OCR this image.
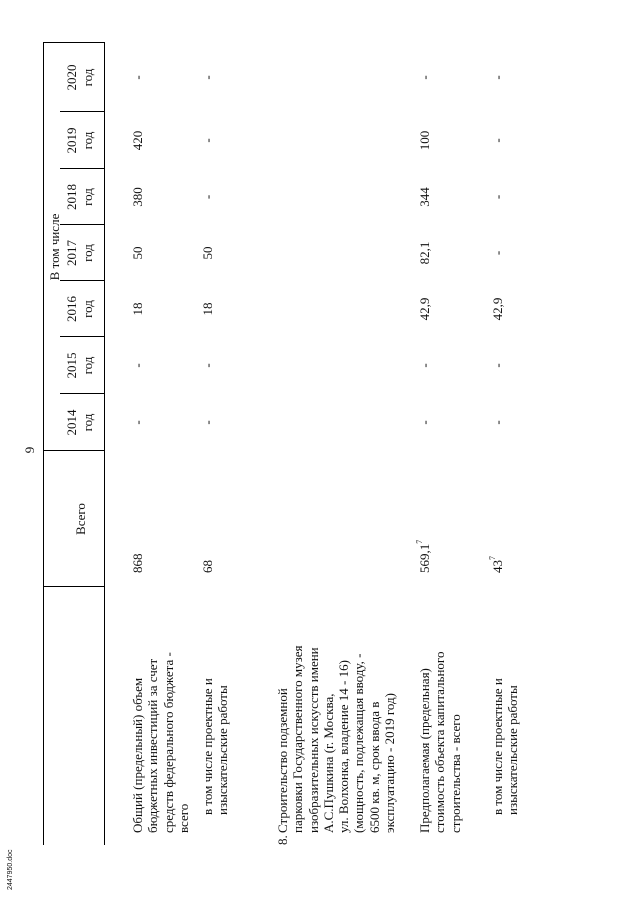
2447950.doc
9
Всего
В том числе
2014 год
2015 год
2016 год
2017 год
2018 год
2019 год
2020 год
Общий (предельный) объем бюджетных инвестиций за счет средств федерального бюджета - всего
868
-
-
18
50
380
420
-
в том числе проектные и изыскательские работы
68
-
-
18
50
-
-
-
8.
Строительство подземной парковки Государственного музея изобразительных искусств имени А.С.Пушкина (г. Москва, ул. Волхонка, владение 14 - 16) (мощность, подлежащая вводу, - 6500 кв. м, срок ввода в эксплуатацию - 2019 год) Предполагаемая (предельная) стоимость объекта капитального строительства - всего
569,1$^7$
-
-
42,9
82,1
344
100
-
в том числе проектные и изыскательские работы
$43^7$
-
-
42,9
-
-
-
-
